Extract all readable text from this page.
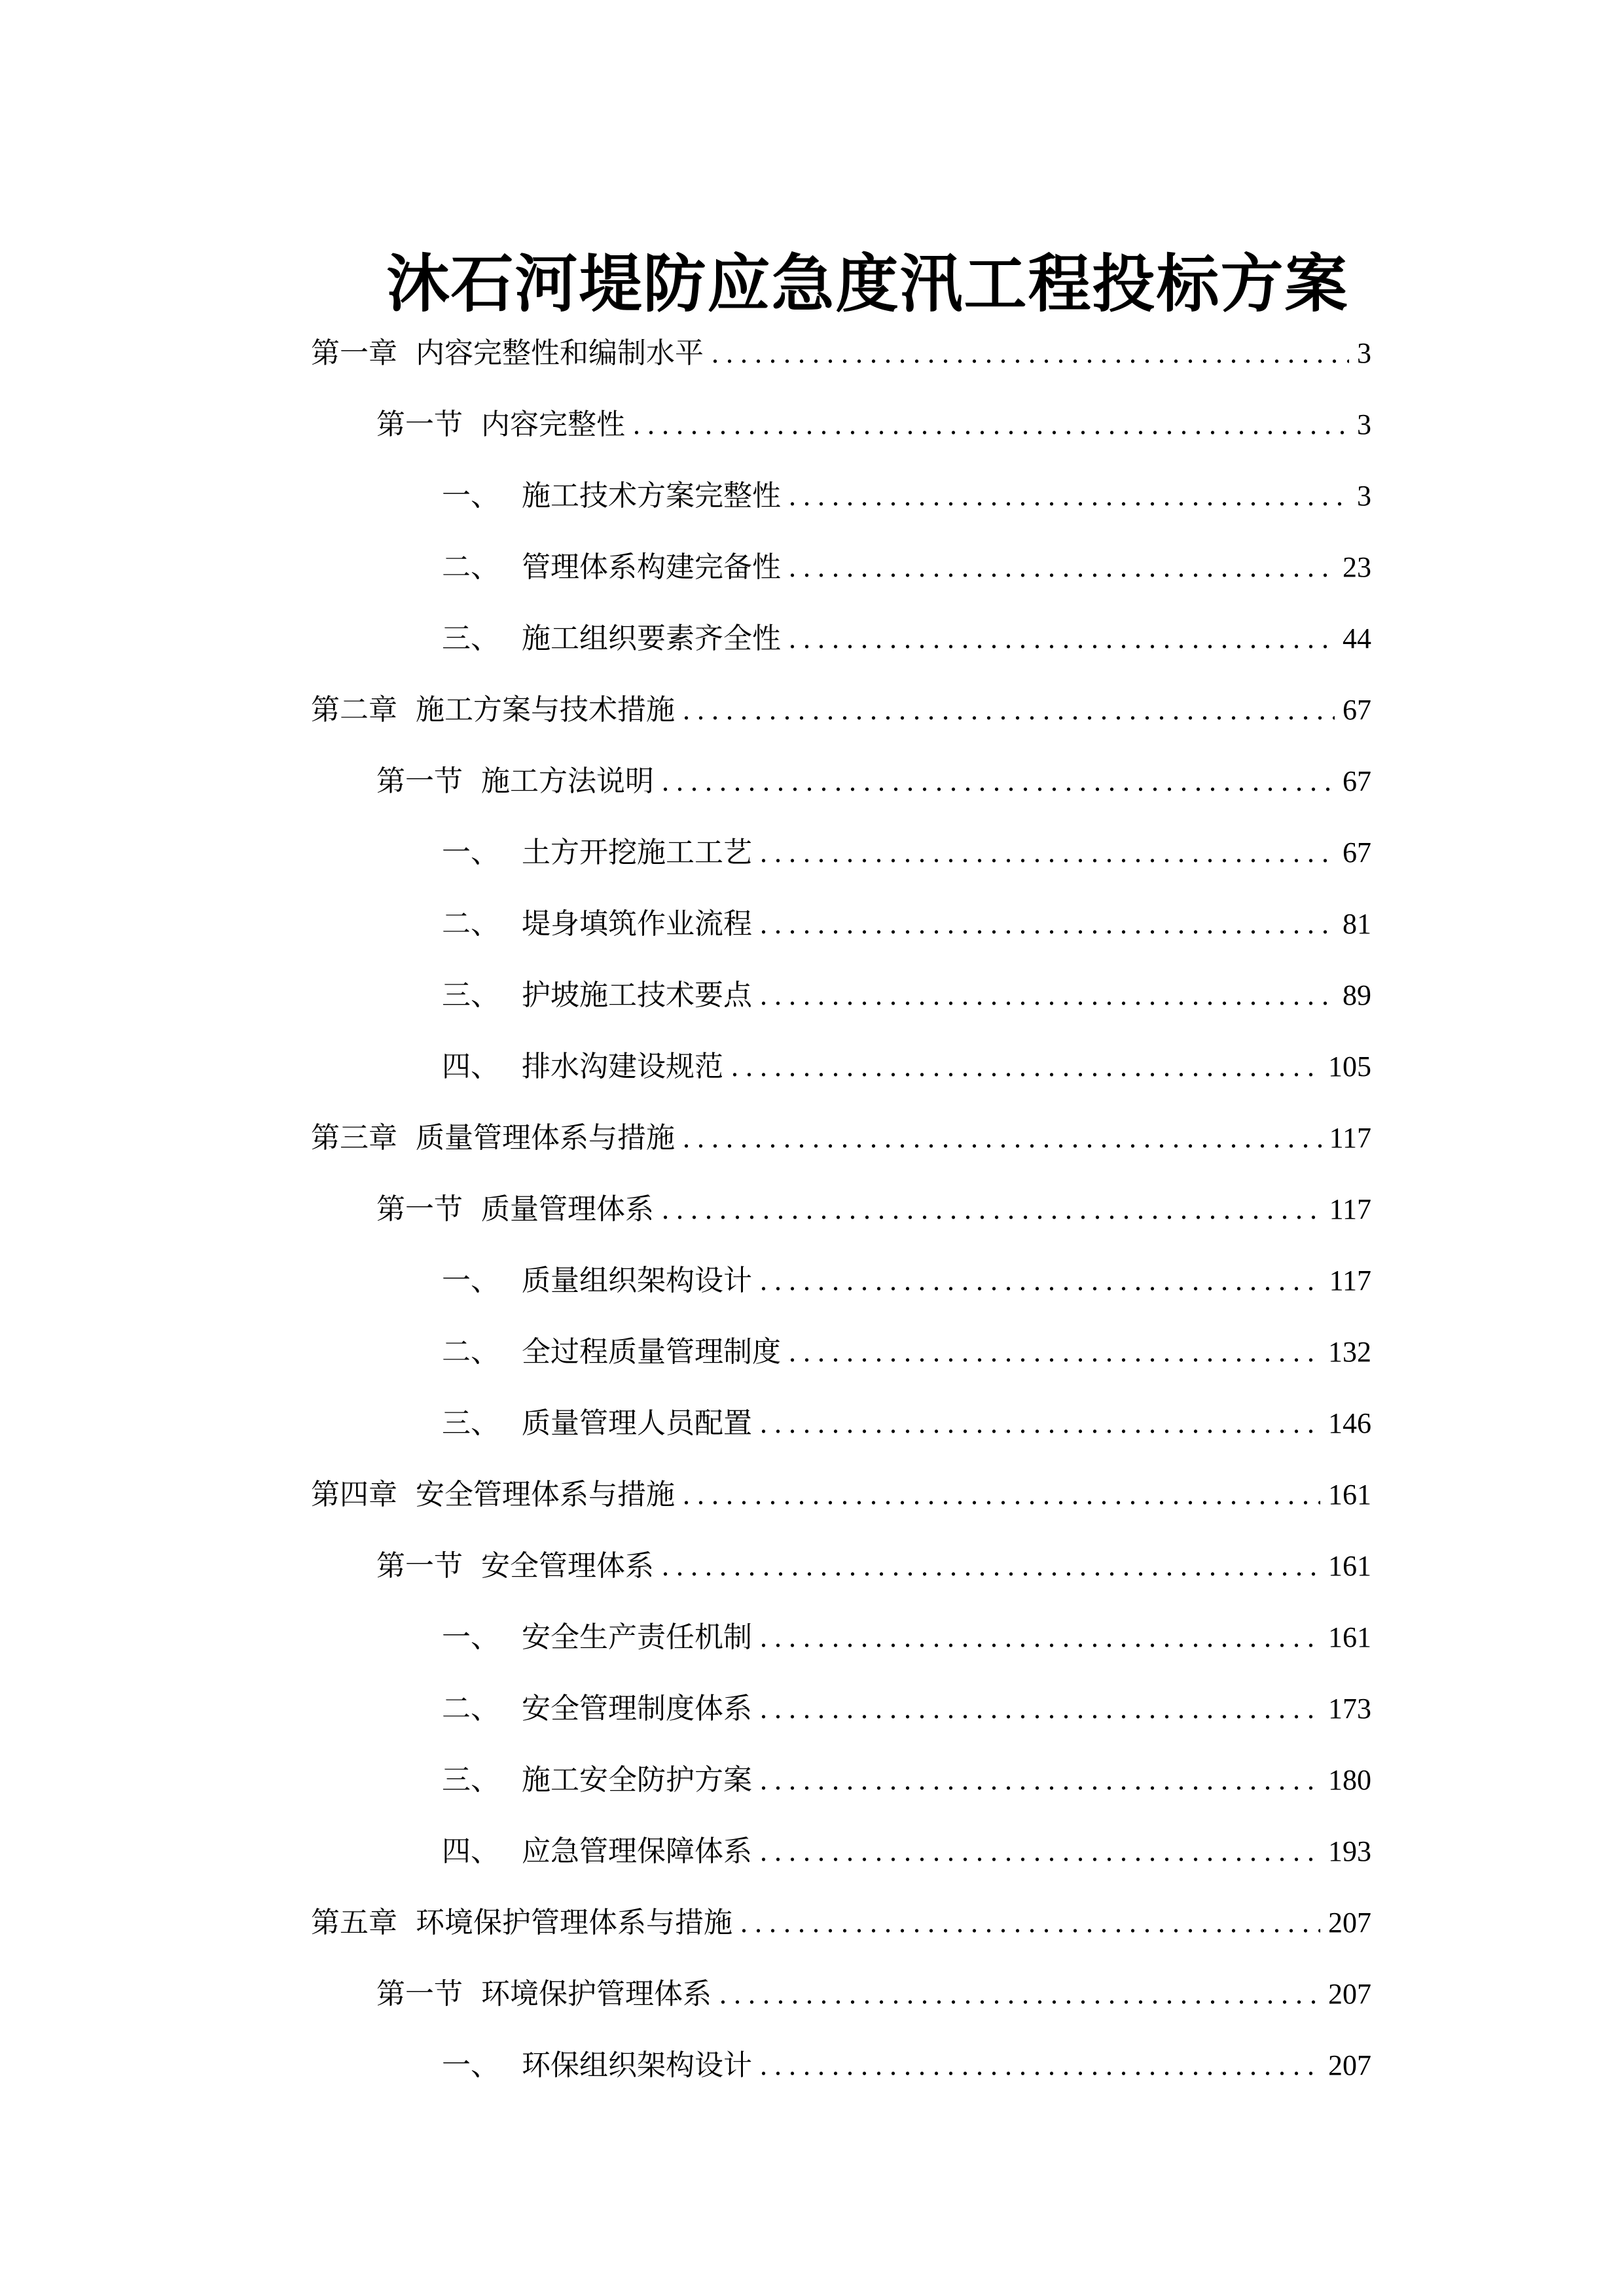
沐石河堤防应急度汛工程投标方案
第一章 内容完整性和编制水平 . . .	3
第一节 内容完整性 . . .	3
一、 施工技术方案完整性 . . .	3
二、 管理体系构建完备性 . . .	23
三、 施工组织要素齐全性 . . .	44
第二章 施工方案与技术措施 . . .	67
第一节 施工方法说明 . . .	67
一、 土方开挖施工工艺 . . .	67
二、 堤身填筑作业流程 . . .	81
三、 护坡施工技术要点 . . .	89
四、 排水沟建设规范 . . .	105
第三章 质量管理体系与措施 . . .	117
第一节 质量管理体系 . . .	117
一、 质量组织架构设计 . . .	117
二、 全过程质量管理制度 . . .	132
三、 质量管理人员配置 . . .	146
第四章 安全管理体系与措施 . . .	161
第一节 安全管理体系 . . .	161
一、 安全生产责任机制 . . .	161
二、 安全管理制度体系 . . .	173
三、 施工安全防护方案 . . .	180
四、 应急管理保障体系 . . .	193
第五章 环境保护管理体系与措施 . . .	207
第一节 环境保护管理体系 . . .	207
一、 环保组织架构设计 . . .	207
